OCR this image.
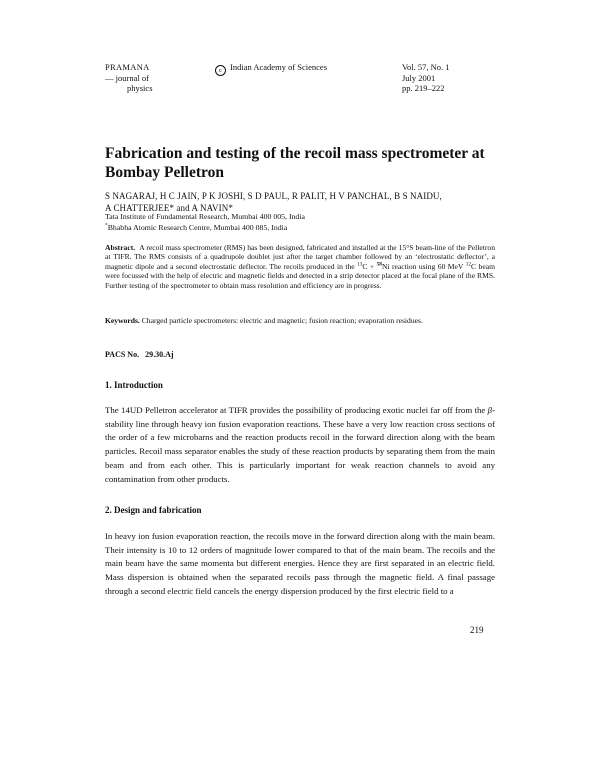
PRAMANA
— journal of
physics
c Indian Academy of Sciences	Vol. 57, No. 1
July 2001
pp. 219–222
Fabrication and testing of the recoil mass spectrometer at
Bombay Pelletron
S NAGARAJ, H C JAIN, P K JOSHI, S D PAUL, R PALIT, H V PANCHAL, B S NAIDU,
A CHATTERJEE* and A NAVIN*
Tata Institute of Fundamental Research, Mumbai 400 005, India
*Bhabha Atomic Research Centre, Mumbai 400 085, India
Abstract. A recoil mass spectrometer (RMS) has been designed, fabricated and installed at the 15°S beam-line of the Pelletron at TIFR. The RMS consists of a quadrupole doublet just after the target chamber followed by an ‘electrostatic deflector’, a magnetic dipole and a second electrostatic deflector. The recoils produced in the $^{13}$C + $^{58}$Ni reaction using 60 MeV $^{12}$C beam were focussed with the help of electric and magnetic fields and detected in a strip detector placed at the focal plane of the RMS. Further testing of the spectrometer to obtain mass resolution and efficiency are in progress.
Keywords. Charged particle spectrometers: electric and magnetic; fusion reaction; evaporation residues.
PACS No. 29.30.Aj
1. Introduction
The 14UD Pelletron accelerator at TIFR provides the possibility of producing exotic nuclei far off from the β-stability line through heavy ion fusion evaporation reactions. These have a very low reaction cross sections of the order of a few microbarns and the reaction products recoil in the forward direction along with the beam particles. Recoil mass separator enables the study of these reaction products by separating them from the main beam and from each other. This is particularly important for weak reaction channels to avoid any contamination from other products.
2. Design and fabrication
In heavy ion fusion evaporation reaction, the recoils move in the forward direction along with the main beam. Their intensity is 10 to 12 orders of magnitude lower compared to that of the main beam. The recoils and the main beam have the same momenta but different energies. Hence they are first separated in an electric field. Mass dispersion is obtained when the separated recoils pass through the magnetic field. A final passage through a second electric field cancels the energy dispersion produced by the first electric field to a
219
